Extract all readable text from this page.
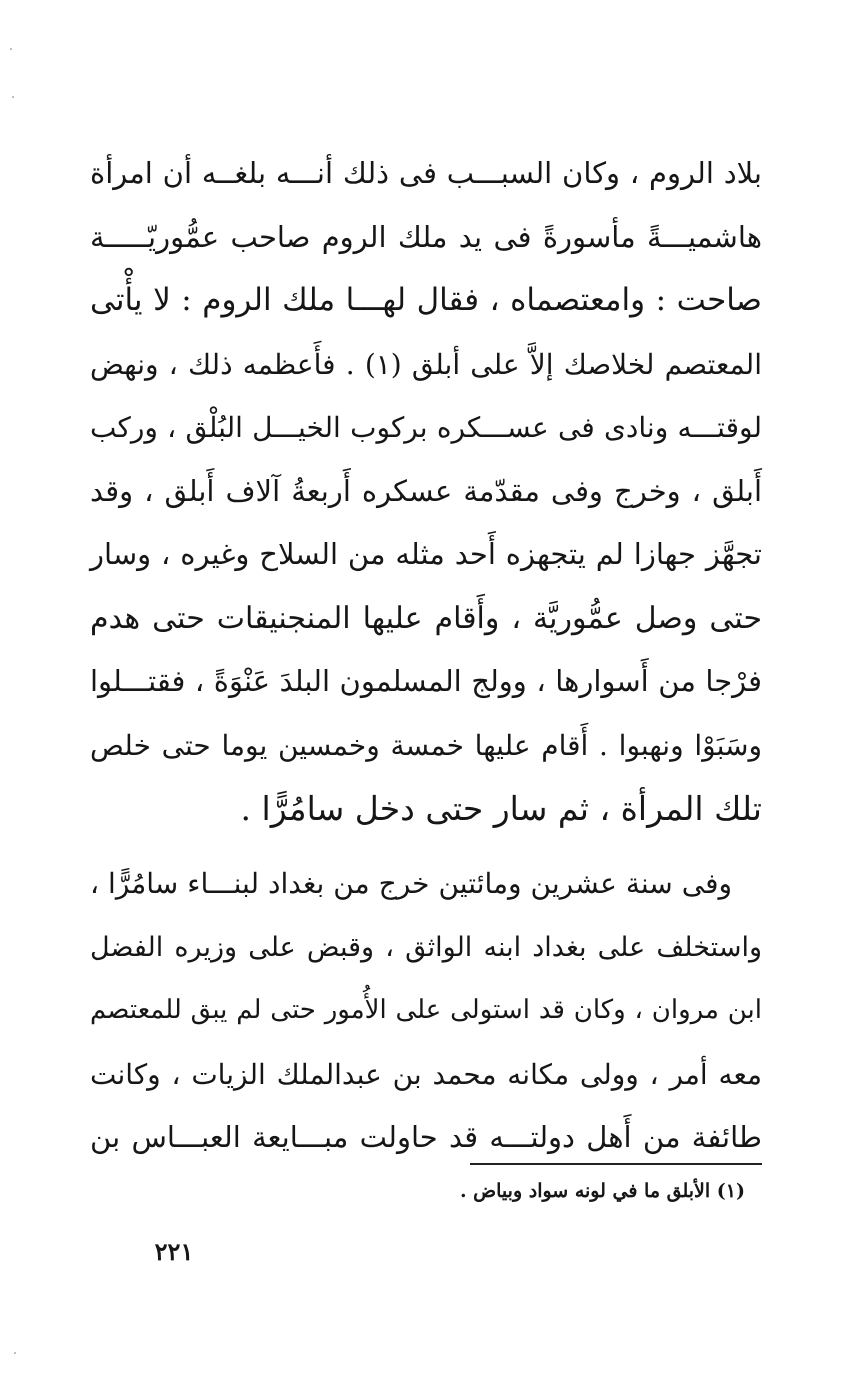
بلاد الروم ، وكان السبـــب فى ذلك أنـــه بلغــه أن امرأة
هاشميـــةً مأسورةً فى يد ملك الروم صاحب عمُّوريّـــــة
صاحت : وامعتصماه ، فقال لهـــا ملك الروم : لا يأْتى
المعتصم لخلاصك إلاَّ على أبلق (١) . فأَعظمه ذلك ، ونهض
لوقتـــه ونادى فى عســـكره بركوب الخيـــل البُلْق ، وركب
أَبلق ، وخرج وفى مقدّمة عسكره أَربعةُ آلاف أَبلق ، وقد
تجهَّز جهازا لم يتجهزه أَحد مثله من السلاح وغيره ، وسار
حتى وصل عمُّوريَّة ، وأَقام عليها المنجنيقات حتى هدم
فرْجا من أَسوارها ، وولج المسلمون البلدَ عَنْوَةً ، فقتـــلوا
وسَبَوْا ونهبوا . أَقام عليها خمسة وخمسين يوما حتى خلص
تلك المرأة ، ثم سار حتى دخل سامُرًّا .
وفى سنة عشرين ومائتين خرج من بغداد لبنـــاء سامُرًّا ،
واستخلف على بغداد ابنه الواثق ، وقبض على وزيره الفضل
ابن مروان ، وكان قد استولى على الأُمور حتى لم يبق للمعتصم
معه أمر ، وولى مكانه محمد بن عبدالملك الزيات ، وكانت
طائفة من أَهل دولتـــه قد حاولت مبـــايعة العبـــاس بن
(١) الأبلق ما في لونه سواد وبياض .
٢٢١
